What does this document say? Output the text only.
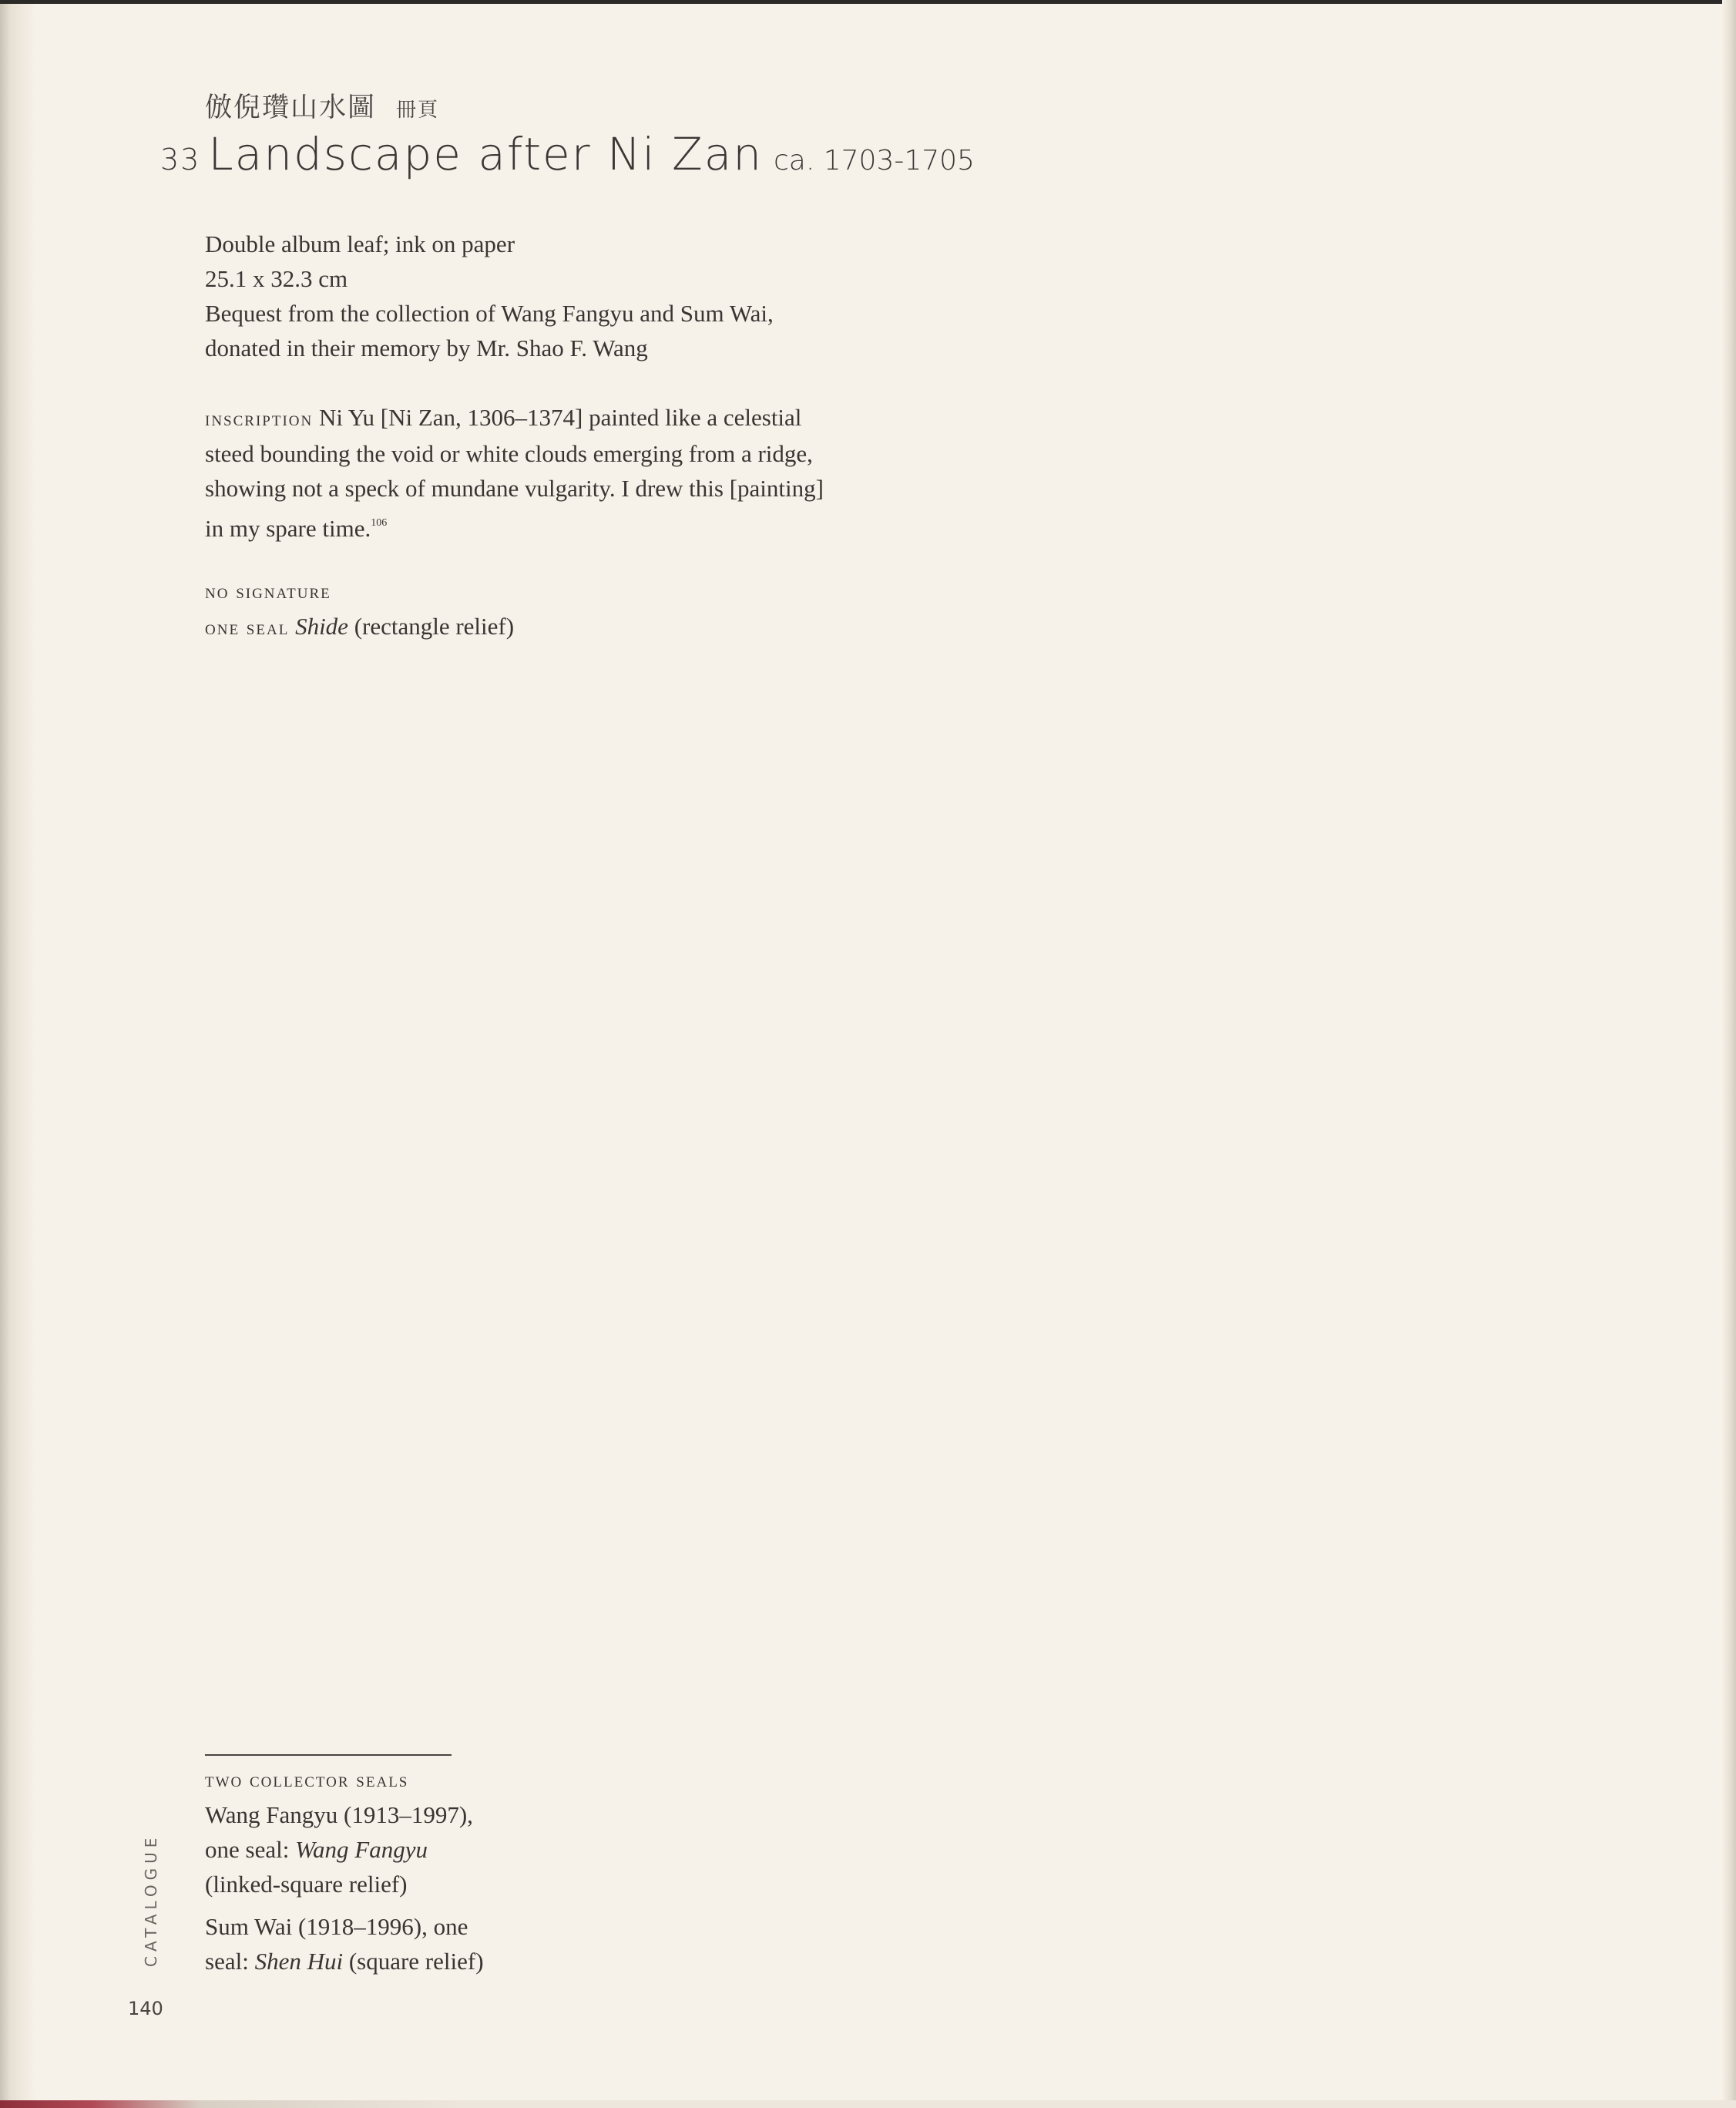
倣倪瓚山水圖 冊頁
33 Landscape after Ni Zan ca. 1703-1705
Double album leaf; ink on paper
25.1 x 32.3 cm
Bequest from the collection of Wang Fangyu and Sum Wai,
donated in their memory by Mr. Shao F. Wang
inscription Ni Yu [Ni Zan, 1306–1374] painted like a celestial
steed bounding the void or white clouds emerging from a ridge,
showing not a speck of mundane vulgarity. I drew this [painting]
in my spare time.$^{106}$
no signature
one seal Shide (rectangle relief)
two collector seals
Wang Fangyu (1913–1997),
one seal: Wang Fangyu
(linked-square relief)
Sum Wai (1918–1996), one
seal: Shen Hui (square relief)
CATALOGUE
140
